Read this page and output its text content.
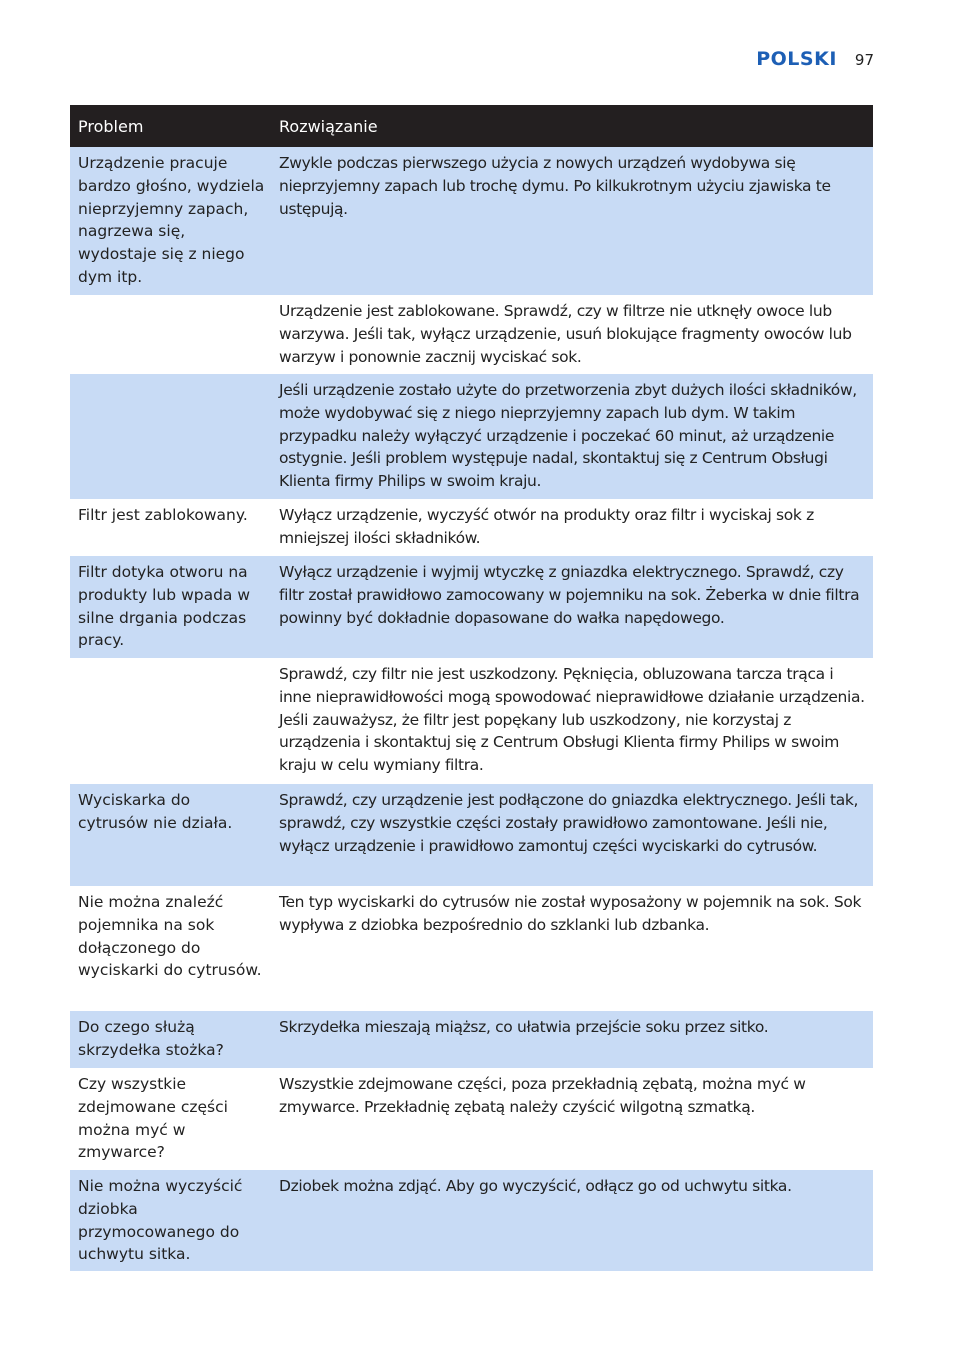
POLSKI 97
Problem	Rozwiązanie
Urządzenie pracuje bardzo głośno, wydziela nieprzyjemny zapach, nagrzewa się, wydostaje się z niego dym itp.
Zwykle podczas pierwszego użycia z nowych urządzeń wydobywa się nieprzyjemny zapach lub trochę dymu. Po kilkukrotnym użyciu zjawiska te ustępują.
Urządzenie jest zablokowane. Sprawdź, czy w filtrze nie utknęły owoce lub warzywa. Jeśli tak, wyłącz urządzenie, usuń blokujące fragmenty owoców lub warzyw i ponownie zacznij wyciskać sok.
Jeśli urządzenie zostało użyte do przetworzenia zbyt dużych ilości składników, może wydobywać się z niego nieprzyjemny zapach lub dym. W takim przypadku należy wyłączyć urządzenie i poczekać 60 minut, aż urządzenie ostygnie. Jeśli problem występuje nadal, skontaktuj się z Centrum Obsługi Klienta firmy Philips w swoim kraju.
Filtr jest zablokowany.	Wyłącz urządzenie, wyczyść otwór na produkty oraz filtr i wyciskaj sok z mniejszej ilości składników.
Filtr dotyka otworu na produkty lub wpada w silne drgania podczas pracy.
Wyłącz urządzenie i wyjmij wtyczkę z gniazdka elektrycznego. Sprawdź, czy filtr został prawidłowo zamocowany w pojemniku na sok. Żeberka w dnie filtra powinny być dokładnie dopasowane do wałka napędowego.
Sprawdź, czy filtr nie jest uszkodzony. Pęknięcia, obluzowana tarcza trąca i inne nieprawidłowości mogą spowodować nieprawidłowe działanie urządzenia. Jeśli zauważysz, że filtr jest popękany lub uszkodzony, nie korzystaj z urządzenia i skontaktuj się z Centrum Obsługi Klienta firmy Philips w swoim kraju w celu wymiany filtra.
Wyciskarka do cytrusów nie działa.
Sprawdź, czy urządzenie jest podłączone do gniazdka elektrycznego. Jeśli tak, sprawdź, czy wszystkie części zostały prawidłowo zamontowane. Jeśli nie, wyłącz urządzenie i prawidłowo zamontuj części wyciskarki do cytrusów.
Nie można znaleźć pojemnika na sok dołączonego do wyciskarki do cytrusów.
Ten typ wyciskarki do cytrusów nie został wyposażony w pojemnik na sok. Sok wypływa z dziobka bezpośrednio do szklanki lub dzbanka.
Do czego służą skrzydełka stożka?
Skrzydełka mieszają miąższ, co ułatwia przejście soku przez sitko.
Czy wszystkie zdejmowane części można myć w zmywarce?
Wszystkie zdejmowane części, poza przekładnią zębatą, można myć w zmywarce. Przekładnię zębatą należy czyścić wilgotną szmatką.
Nie można wyczyścić dziobka przymocowanego do uchwytu sitka.
Dziobek można zdjąć. Aby go wyczyścić, odłącz go od uchwytu sitka.
